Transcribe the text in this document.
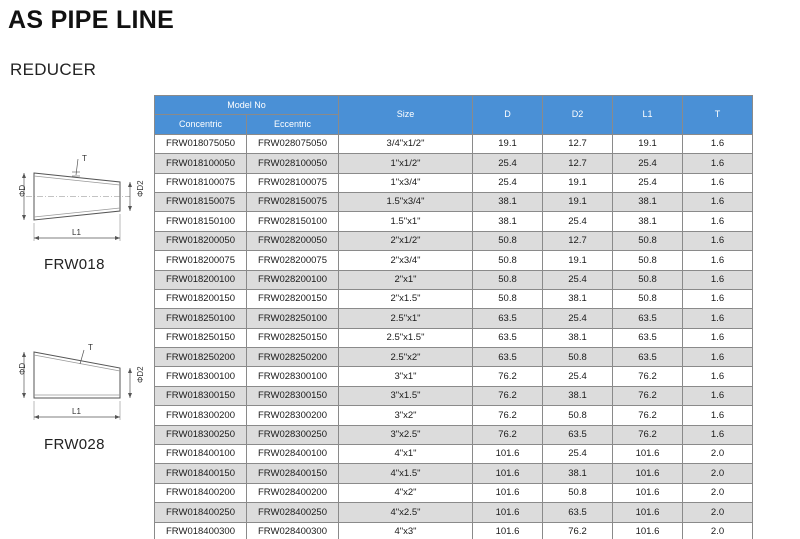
AS PIPE LINE
REDUCER
T
ΦD	ΦD2
L1
FRW018
T
ΦD	ΦD2
L1
FRW028
Model No		Size	D	D2	L1	T
Concentric	Eccentric					
FRW018075050	FRW028075050	3/4"x1/2"	19.1	12.7	19.1	1.6
FRW018100050	FRW028100050	1"x1/2"	25.4	12.7	25.4	1.6
FRW018100075	FRW028100075	1"x3/4"	25.4	19.1	25.4	1.6
FRW018150075	FRW028150075	1.5"x3/4"	38.1	19.1	38.1	1.6
FRW018150100	FRW028150100	1.5"x1"	38.1	25.4	38.1	1.6
FRW018200050	FRW028200050	2"x1/2"	50.8	12.7	50.8	1.6
FRW018200075	FRW028200075	2"x3/4"	50.8	19.1	50.8	1.6
FRW018200100	FRW028200100	2"x1"	50.8	25.4	50.8	1.6
FRW018200150	FRW028200150	2"x1.5"	50.8	38.1	50.8	1.6
FRW018250100	FRW028250100	2.5"x1"	63.5	25.4	63.5	1.6
FRW018250150	FRW028250150	2.5"x1.5"	63.5	38.1	63.5	1.6
FRW018250200	FRW028250200	2.5"x2"	63.5	50.8	63.5	1.6
FRW018300100	FRW028300100	3"x1"	76.2	25.4	76.2	1.6
FRW018300150	FRW028300150	3"x1.5"	76.2	38.1	76.2	1.6
FRW018300200	FRW028300200	3"x2"	76.2	50.8	76.2	1.6
FRW018300250	FRW028300250	3"x2.5"	76.2	63.5	76.2	1.6
FRW018400100	FRW028400100	4"x1"	101.6	25.4	101.6	2.0
FRW018400150	FRW028400150	4"x1.5"	101.6	38.1	101.6	2.0
FRW018400200	FRW028400200	4"x2"	101.6	50.8	101.6	2.0
FRW018400250	FRW028400250	4"x2.5"	101.6	63.5	101.6	2.0
FRW018400300	FRW028400300	4"x3"	101.6	76.2	101.6	2.0
